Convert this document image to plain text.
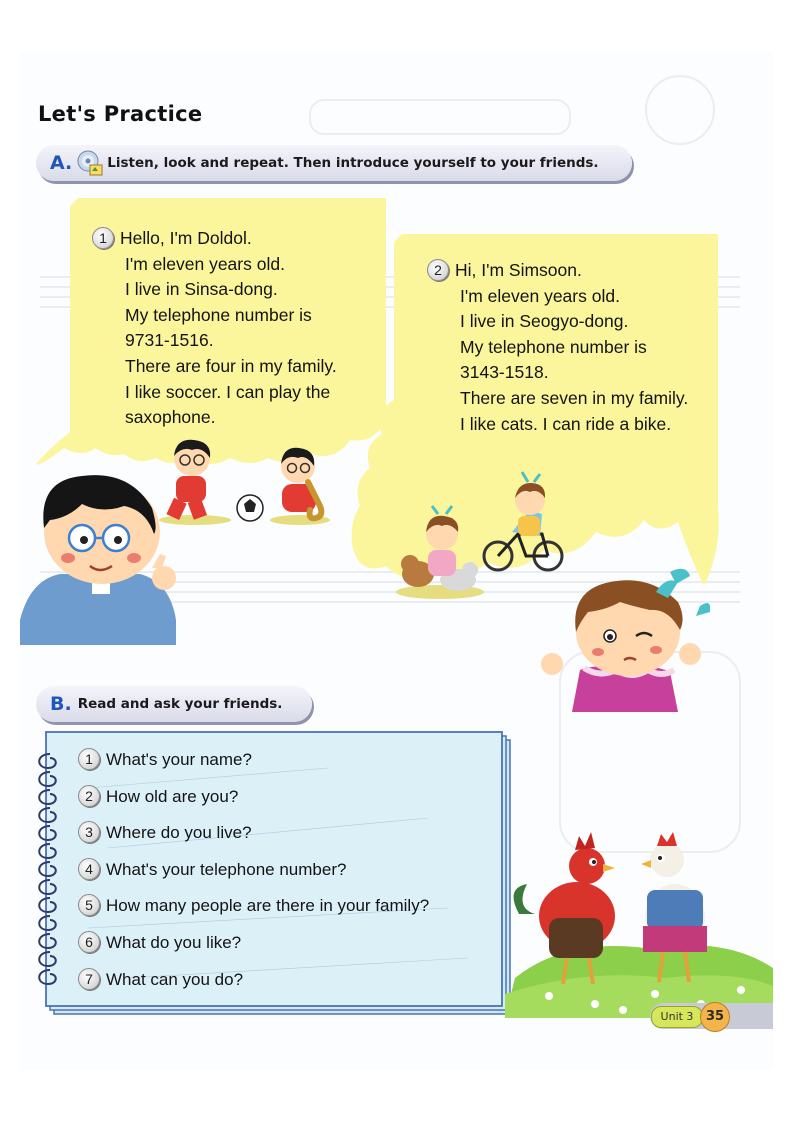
Let's Practice
A.	Listen, look and repeat. Then introduce yourself to your friends.
1 Hello, I'm Doldol.
I'm eleven years old.
I live in Sinsa-dong.
My telephone number is
9731-1516.
There are four in my family.
I like soccer. I can play the
saxophone.
2 Hi, I'm Simsoon.
I'm eleven years old.
I live in Seogyo-dong.
My telephone number is
3143-1518.
There are seven in my family.
I like cats. I can ride a bike.
B. Read and ask your friends.
1 What's your name?
2 How old are you?
3 Where do you live?
4 What's your telephone number?
5 How many people are there in your family?
6 What do you like?
7 What can you do?
Unit 3 35
